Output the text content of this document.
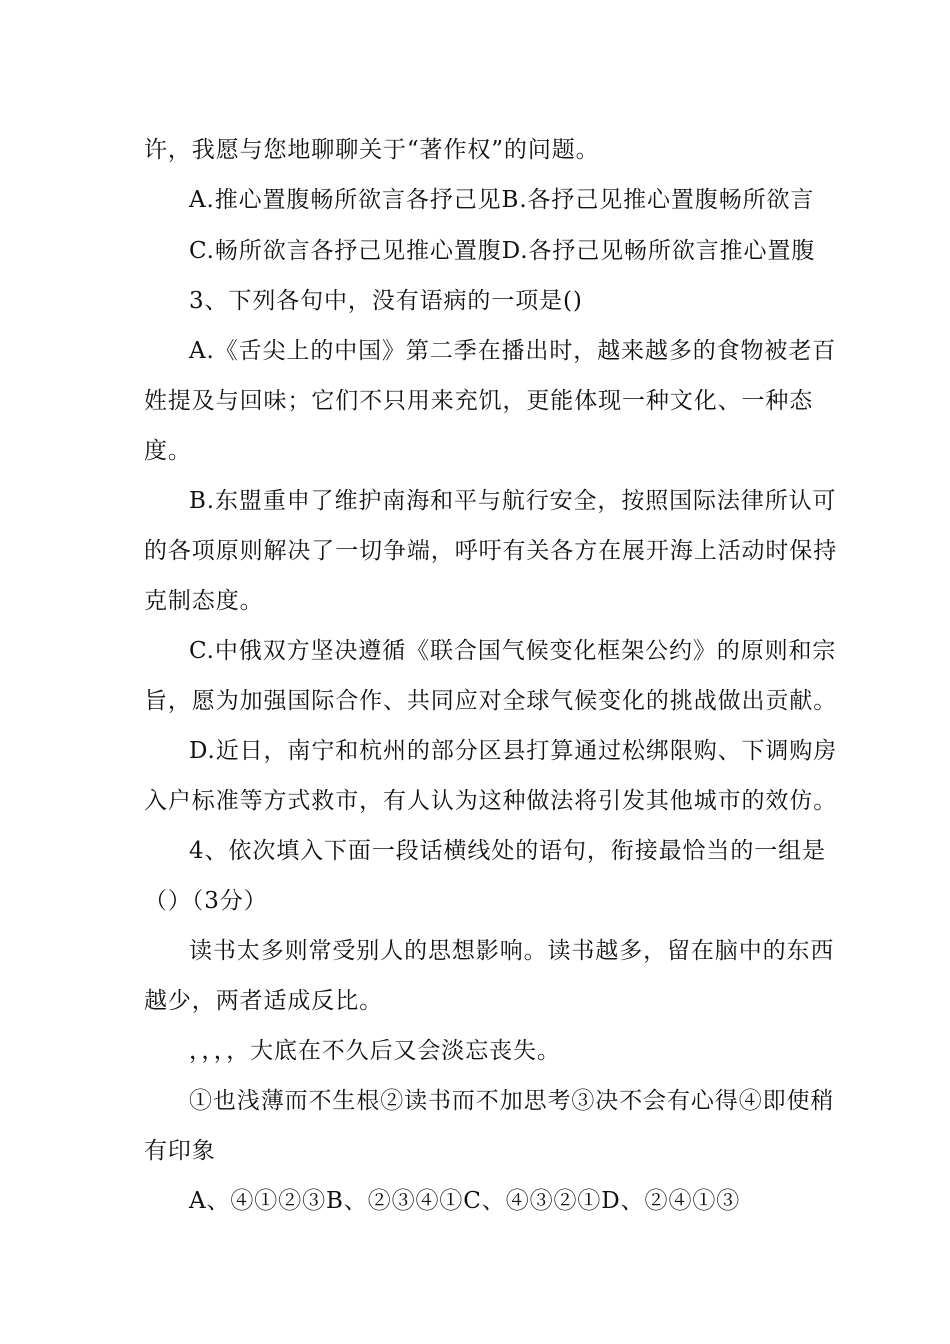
许，我愿与您地聊聊关于“著作权”的问题。
A.推心置腹畅所欲言各抒己见B.各抒己见推心置腹畅所欲言
C.畅所欲言各抒己见推心置腹D.各抒己见畅所欲言推心置腹
3、下列各句中，没有语病的一项是()
A.《舌尖上的中国》第二季在播出时，越来越多的食物被老百
姓提及与回味；它们不只用来充饥，更能体现一种文化、一种态
度。
B.东盟重申了维护南海和平与航行安全，按照国际法律所认可
的各项原则解决了一切争端，呼吁有关各方在展开海上活动时保持
克制态度。
C.中俄双方坚决遵循《联合国气候变化框架公约》的原则和宗
旨，愿为加强国际合作、共同应对全球气候变化的挑战做出贡献。
D.近日，南宁和杭州的部分区县打算通过松绑限购、下调购房
入户标准等方式救市，有人认为这种做法将引发其他城市的效仿。
4、依次填入下面一段话横线处的语句，衔接最恰当的一组是
（）（3分）
读书太多则常受别人的思想影响。读书越多，留在脑中的东西
越少，两者适成反比。
，，，，大底在不久后又会淡忘丧失。
①也浅薄而不生根②读书而不加思考③决不会有心得④即使稍
有印象
A、④①②③B、②③④①C、④③②①D、②④①③
